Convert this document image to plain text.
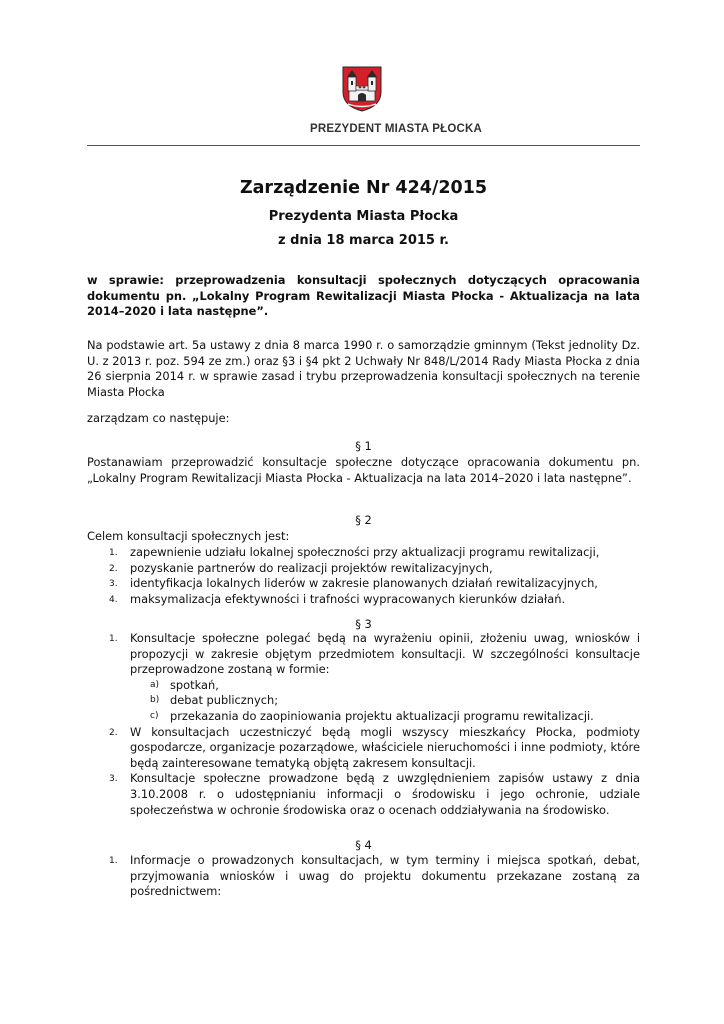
PREZYDENT MIASTA PŁOCKA
Zarządzenie Nr 424/2015
Prezydenta Miasta Płocka
z dnia 18 marca 2015 r.
w sprawie: przeprowadzenia konsultacji społecznych dotyczących opracowania dokumentu pn. „Lokalny Program Rewitalizacji Miasta Płocka - Aktualizacja na lata 2014–2020 i lata następne”.
Na podstawie art. 5a ustawy z dnia 8 marca 1990 r. o samorządzie gminnym (Tekst jednolity Dz. U. z 2013 r. poz. 594 ze zm.) oraz §3 i §4 pkt 2 Uchwały Nr 848/L/2014 Rady Miasta Płocka z dnia 26 sierpnia 2014 r. w sprawie zasad i trybu przeprowadzenia konsultacji społecznych na terenie Miasta Płocka
zarządzam co następuje:
§ 1
Postanawiam przeprowadzić konsultacje społeczne dotyczące opracowania dokumentu pn. „Lokalny Program Rewitalizacji Miasta Płocka - Aktualizacja na lata 2014–2020 i lata następne”.
§ 2
Celem konsultacji społecznych jest:
1. zapewnienie udziału lokalnej społeczności przy aktualizacji programu rewitalizacji,
2. pozyskanie partnerów do realizacji projektów rewitalizacyjnych,
3. identyfikacja lokalnych liderów w zakresie planowanych działań rewitalizacyjnych,
4. maksymalizacja efektywności i trafności wypracowanych kierunków działań.
§ 3
1. Konsultacje społeczne polegać będą na wyrażeniu opinii, złożeniu uwag, wniosków i propozycji w zakresie objętym przedmiotem konsultacji. W szczególności konsultacje przeprowadzone zostaną w formie:
a) spotkań,
b) debat publicznych;
c) przekazania do zaopiniowania projektu aktualizacji programu rewitalizacji.
2. W konsultacjach uczestniczyć będą mogli wszyscy mieszkańcy Płocka, podmioty gospodarcze, organizacje pozarządowe, właściciele nieruchomości i inne podmioty, które będą zainteresowane tematyką objętą zakresem konsultacji.
3. Konsultacje społeczne prowadzone będą z uwzględnieniem zapisów ustawy z dnia 3.10.2008 r. o udostępnianiu informacji o środowisku i jego ochronie, udziale społeczeństwa w ochronie środowiska oraz o ocenach oddziaływania na środowisko.
§ 4
1. Informacje o prowadzonych konsultacjach, w tym terminy i miejsca spotkań, debat, przyjmowania wniosków i uwag do projektu dokumentu przekazane zostaną za pośrednictwem:
